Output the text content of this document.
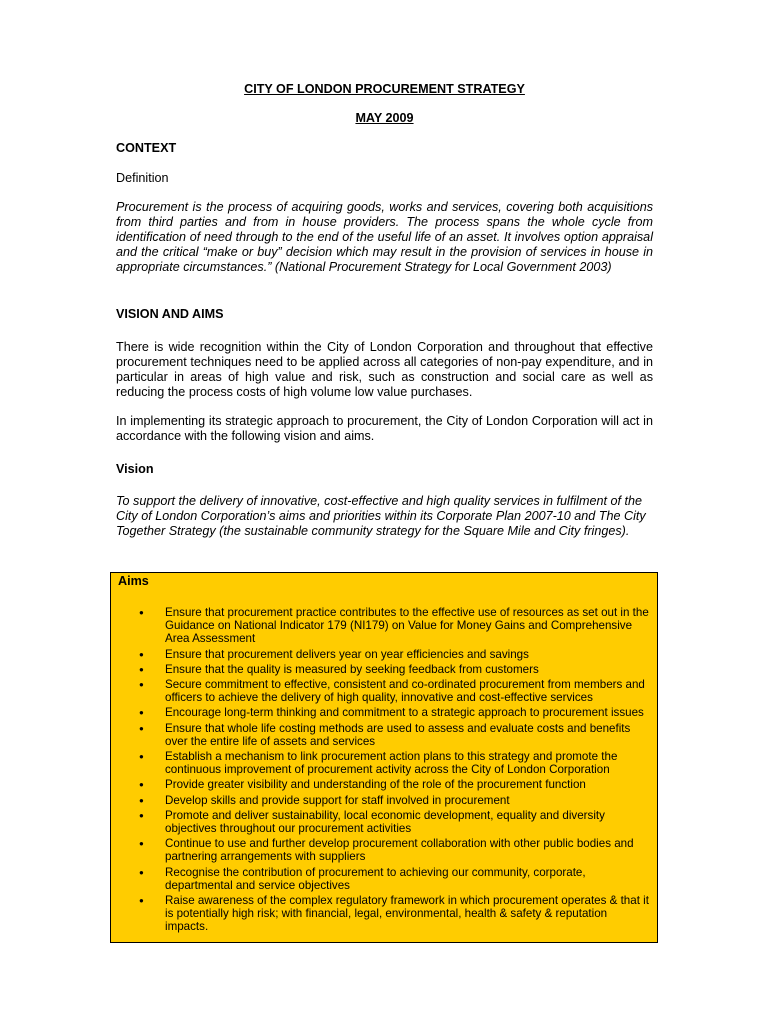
CITY OF LONDON PROCUREMENT STRATEGY

MAY 2009

CONTEXT

Definition

Procurement is the process of acquiring goods, works and services, covering both acquisitions from third parties and from in house providers. The process spans the whole cycle from identification of need through to the end of the useful life of an asset. It involves option appraisal and the critical “make or buy” decision which may result in the provision of services in house in appropriate circumstances.” (National Procurement Strategy for Local Government 2003)

VISION AND AIMS

There is wide recognition within the City of London Corporation and throughout that effective procurement techniques need to be applied across all categories of non-pay expenditure, and in particular in areas of high value and risk, such as construction and social care as well as reducing the process costs of high volume low value purchases.

In implementing its strategic approach to procurement, the City of London Corporation will act in accordance with the following vision and aims.

Vision

To support the delivery of innovative, cost-effective and high quality services in fulfilment of the City of London Corporation’s aims and priorities within its Corporate Plan 2007-10 and The City Together Strategy (the sustainable community strategy for the Square Mile and City fringes).

Aims

● Ensure that procurement practice contributes to the effective use of resources as set out in the Guidance on National Indicator 179 (NI179) on Value for Money Gains and Comprehensive Area Assessment
● Ensure that procurement delivers year on year efficiencies and savings
● Ensure that the quality is measured by seeking feedback from customers
● Secure commitment to effective, consistent and co-ordinated procurement from members and officers to achieve the delivery of high quality, innovative and cost-effective services
● Encourage long-term thinking and commitment to a strategic approach to procurement issues
● Ensure that whole life costing methods are used to assess and evaluate costs and benefits over the entire life of assets and services
● Establish a mechanism to link procurement action plans to this strategy and promote the continuous improvement of procurement activity across the City of London Corporation
● Provide greater visibility and understanding of the role of the procurement function
● Develop skills and provide support for staff involved in procurement
● Promote and deliver sustainability, local economic development, equality and diversity objectives throughout our procurement activities
● Continue to use and further develop procurement collaboration with other public bodies and partnering arrangements with suppliers
● Recognise the contribution of procurement to achieving our community, corporate, departmental and service objectives
● Raise awareness of the complex regulatory framework in which procurement operates & that it is potentially high risk; with financial, legal, environmental, health & safety & reputation impacts.
